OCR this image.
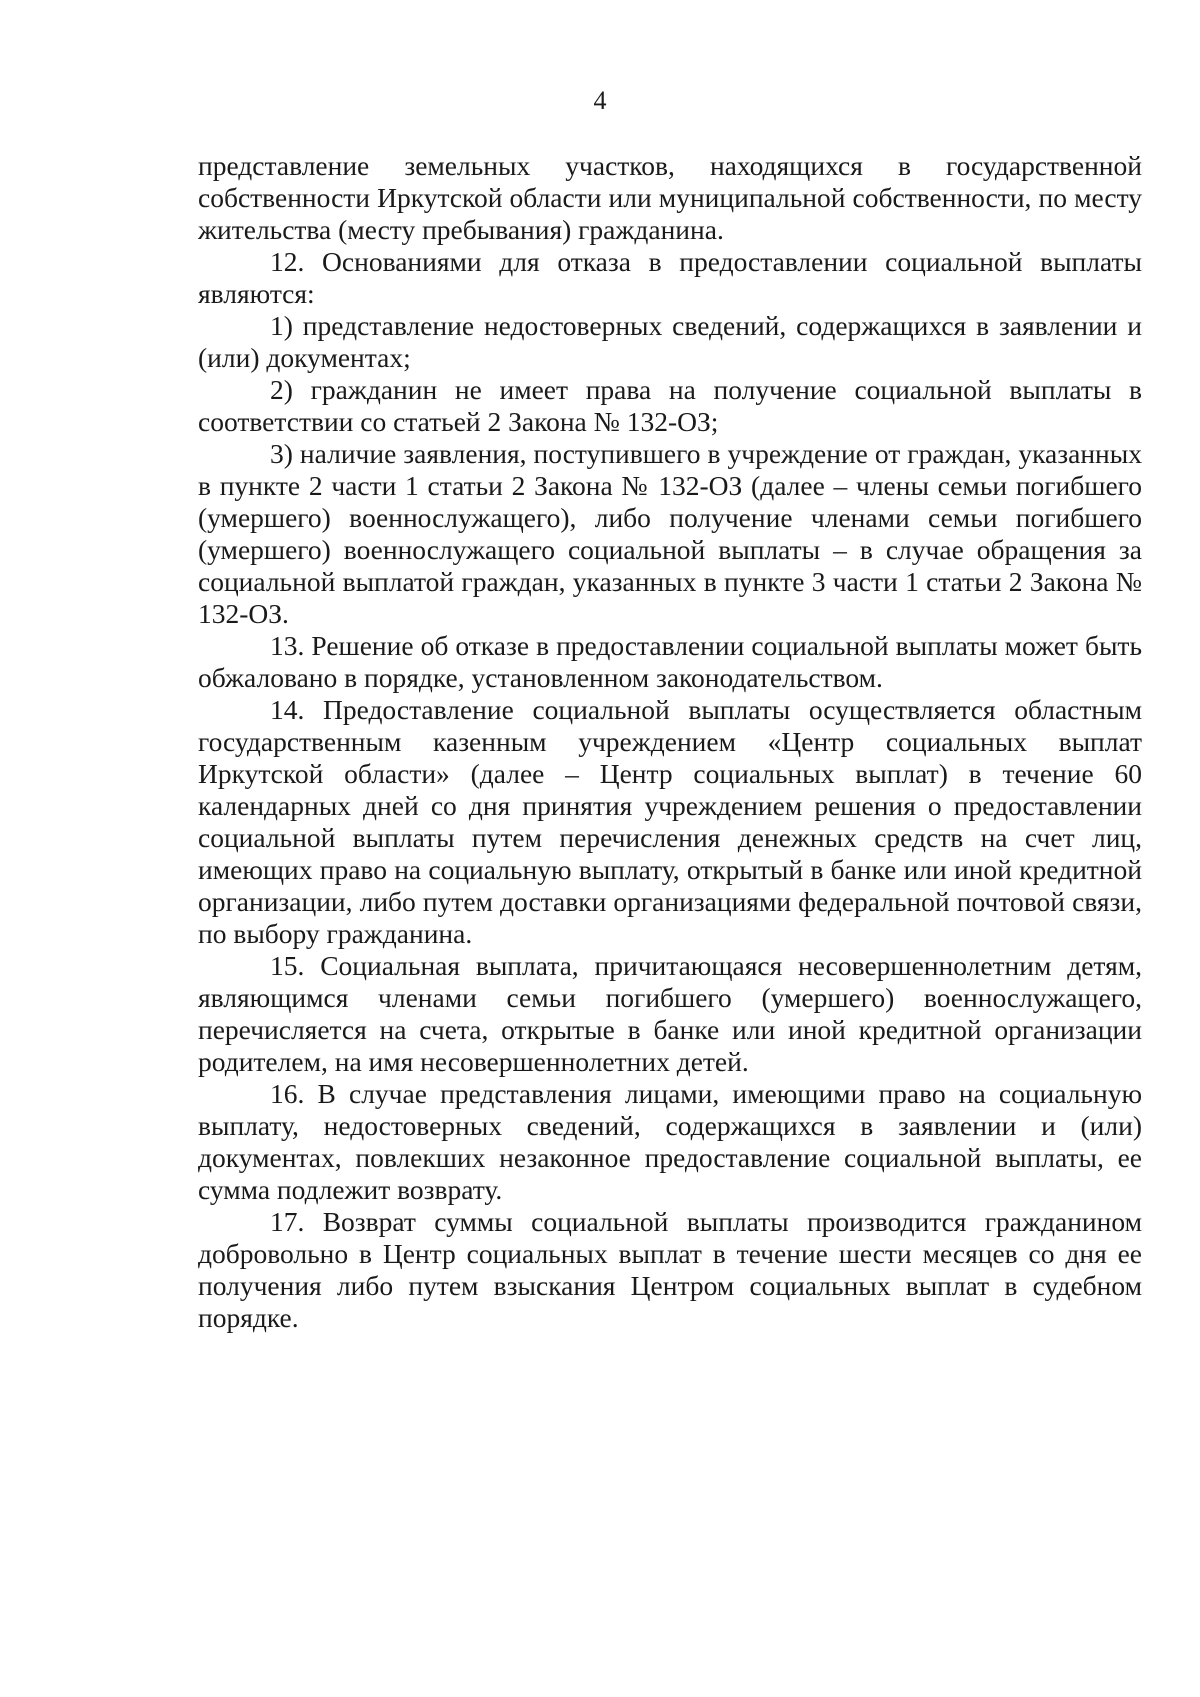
4

представление земельных участков, находящихся в государственной собственности Иркутской области или муниципальной собственности, по месту жительства (месту пребывания) гражданина.

12. Основаниями для отказа в предоставлении социальной выплаты являются:

1) представление недостоверных сведений, содержащихся в заявлении и (или) документах;

2) гражданин не имеет права на получение социальной выплаты в соответствии со статьей 2 Закона № 132-ОЗ;

3) наличие заявления, поступившего в учреждение от граждан, указанных в пункте 2 части 1 статьи 2 Закона № 132-ОЗ (далее – члены семьи погибшего (умершего) военнослужащего), либо получение членами семьи погибшего (умершего) военнослужащего социальной выплаты – в случае обращения за социальной выплатой граждан, указанных в пункте 3 части 1 статьи 2 Закона № 132-ОЗ.

13. Решение об отказе в предоставлении социальной выплаты может быть обжаловано в порядке, установленном законодательством.

14. Предоставление социальной выплаты осуществляется областным государственным казенным учреждением «Центр социальных выплат Иркутской области» (далее – Центр социальных выплат) в течение 60 календарных дней со дня принятия учреждением решения о предоставлении социальной выплаты путем перечисления денежных средств на счет лиц, имеющих право на социальную выплату, открытый в банке или иной кредитной организации, либо путем доставки организациями федеральной почтовой связи, по выбору гражданина.

15. Социальная выплата, причитающаяся несовершеннолетним детям, являющимся членами семьи погибшего (умершего) военнослужащего, перечисляется на счета, открытые в банке или иной кредитной организации родителем, на имя несовершеннолетних детей.

16. В случае представления лицами, имеющими право на социальную выплату, недостоверных сведений, содержащихся в заявлении и (или) документах, повлекших незаконное предоставление социальной выплаты, ее сумма подлежит возврату.

17. Возврат суммы социальной выплаты производится гражданином добровольно в Центр социальных выплат в течение шести месяцев со дня ее получения либо путем взыскания Центром социальных выплат в судебном порядке.
